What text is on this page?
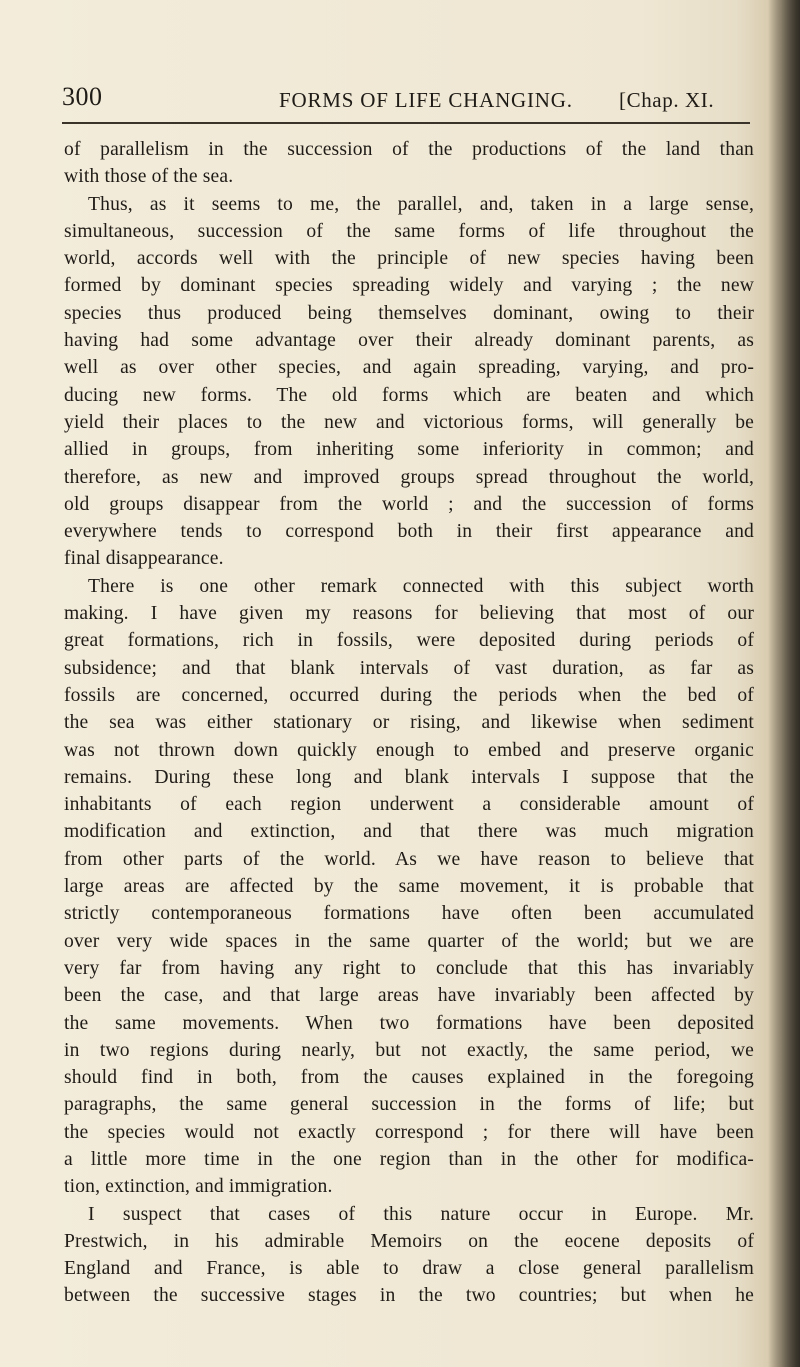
300	FORMS OF LIFE CHANGING. [Chap. XI.
of parallelism in the succession of the productions of the land than
with those of the sea.
Thus, as it seems to me, the parallel, and, taken in a large sense,
simultaneous, succession of the same forms of life throughout the
world, accords well with the principle of new species having been
formed by dominant species spreading widely and varying ; the new
species thus produced being themselves dominant, owing to their
having had some advantage over their already dominant parents, as
well as over other species, and again spreading, varying, and pro-
ducing new forms. The old forms which are beaten and which
yield their places to the new and victorious forms, will generally be
allied in groups, from inheriting some inferiority in common; and
therefore, as new and improved groups spread throughout the world,
old groups disappear from the world ; and the succession of forms
everywhere tends to correspond both in their first appearance and
final disappearance.
There is one other remark connected with this subject worth
making. I have given my reasons for believing that most of our
great formations, rich in fossils, were deposited during periods of
subsidence; and that blank intervals of vast duration, as far as
fossils are concerned, occurred during the periods when the bed of
the sea was either stationary or rising, and likewise when sediment
was not thrown down quickly enough to embed and preserve organic
remains. During these long and blank intervals I suppose that the
inhabitants of each region underwent a considerable amount of
modification and extinction, and that there was much migration
from other parts of the world. As we have reason to believe that
large areas are affected by the same movement, it is probable that
strictly contemporaneous formations have often been accumulated
over very wide spaces in the same quarter of the world; but we are
very far from having any right to conclude that this has invariably
been the case, and that large areas have invariably been affected by
the same movements. When two formations have been deposited
in two regions during nearly, but not exactly, the same period, we
should find in both, from the causes explained in the foregoing
paragraphs, the same general succession in the forms of life; but
the species would not exactly correspond ; for there will have been
a little more time in the one region than in the other for modifica-
tion, extinction, and immigration.
I suspect that cases of this nature occur in Europe. Mr.
Prestwich, in his admirable Memoirs on the eocene deposits of
England and France, is able to draw a close general parallelism
between the successive stages in the two countries; but when he
